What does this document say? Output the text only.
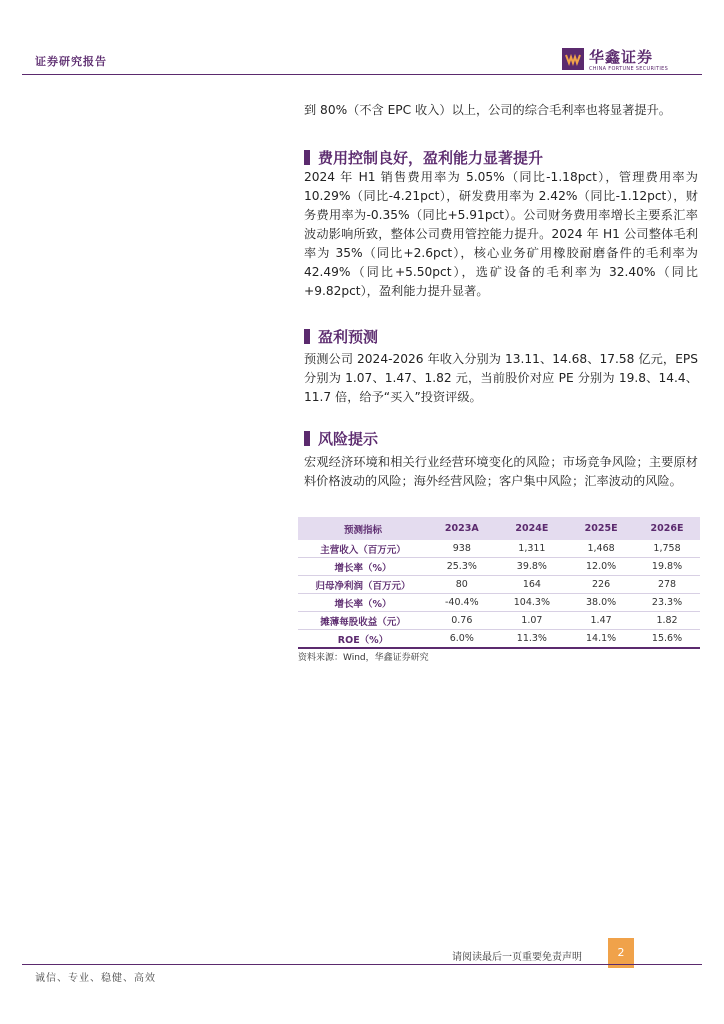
证券研究报告	华鑫证券
CHINA FORTUNE SECURITIES

到 80%（不含 EPC 收入）以上，公司的综合毛利率也将显著提升。

费用控制良好，盈利能力显著提升

2024 年 H1 销售费用率为 5.05%（同比-1.18pct），管理费用率为 10.29%（同比-4.21pct），研发费用率为 2.42%（同比-1.12pct），财务费用率为-0.35%（同比+5.91pct）。公司财务费用率增长主要系汇率波动影响所致，整体公司费用管控能力提升。2024 年 H1 公司整体毛利率为 35%（同比+2.6pct），核心业务矿用橡胶耐磨备件的毛利率为 42.49%（同比+5.50pct），选矿设备的毛利率为 32.40%（同比+9.82pct），盈利能力提升显著。

盈利预测

预测公司 2024-2026 年收入分别为 13.11、14.68、17.58 亿元，EPS 分别为 1.07、1.47、1.82 元，当前股价对应 PE 分别为 19.8、14.4、11.7 倍，给予“买入”投资评级。

风险提示

宏观经济环境和相关行业经营环境变化的风险；市场竞争风险；主要原材料价格波动的风险；海外经营风险；客户集中风险；汇率波动的风险。

预测指标	2023A	2024E	2025E	2026E
主营收入（百万元）	938	1,311	1,468	1,758
增长率（%）	25.3%	39.8%	12.0%	19.8%
归母净利润（百万元）	80	164	226	278
增长率（%）	-40.4%	104.3%	38.0%	23.3%
摊薄每股收益（元）	0.76	1.07	1.47	1.82
ROE（%）	6.0%	11.3%	14.1%	15.6%
资料来源：Wind，华鑫证券研究
请阅读最后一页重要免责声明	2
诚信、专业、稳健、高效
